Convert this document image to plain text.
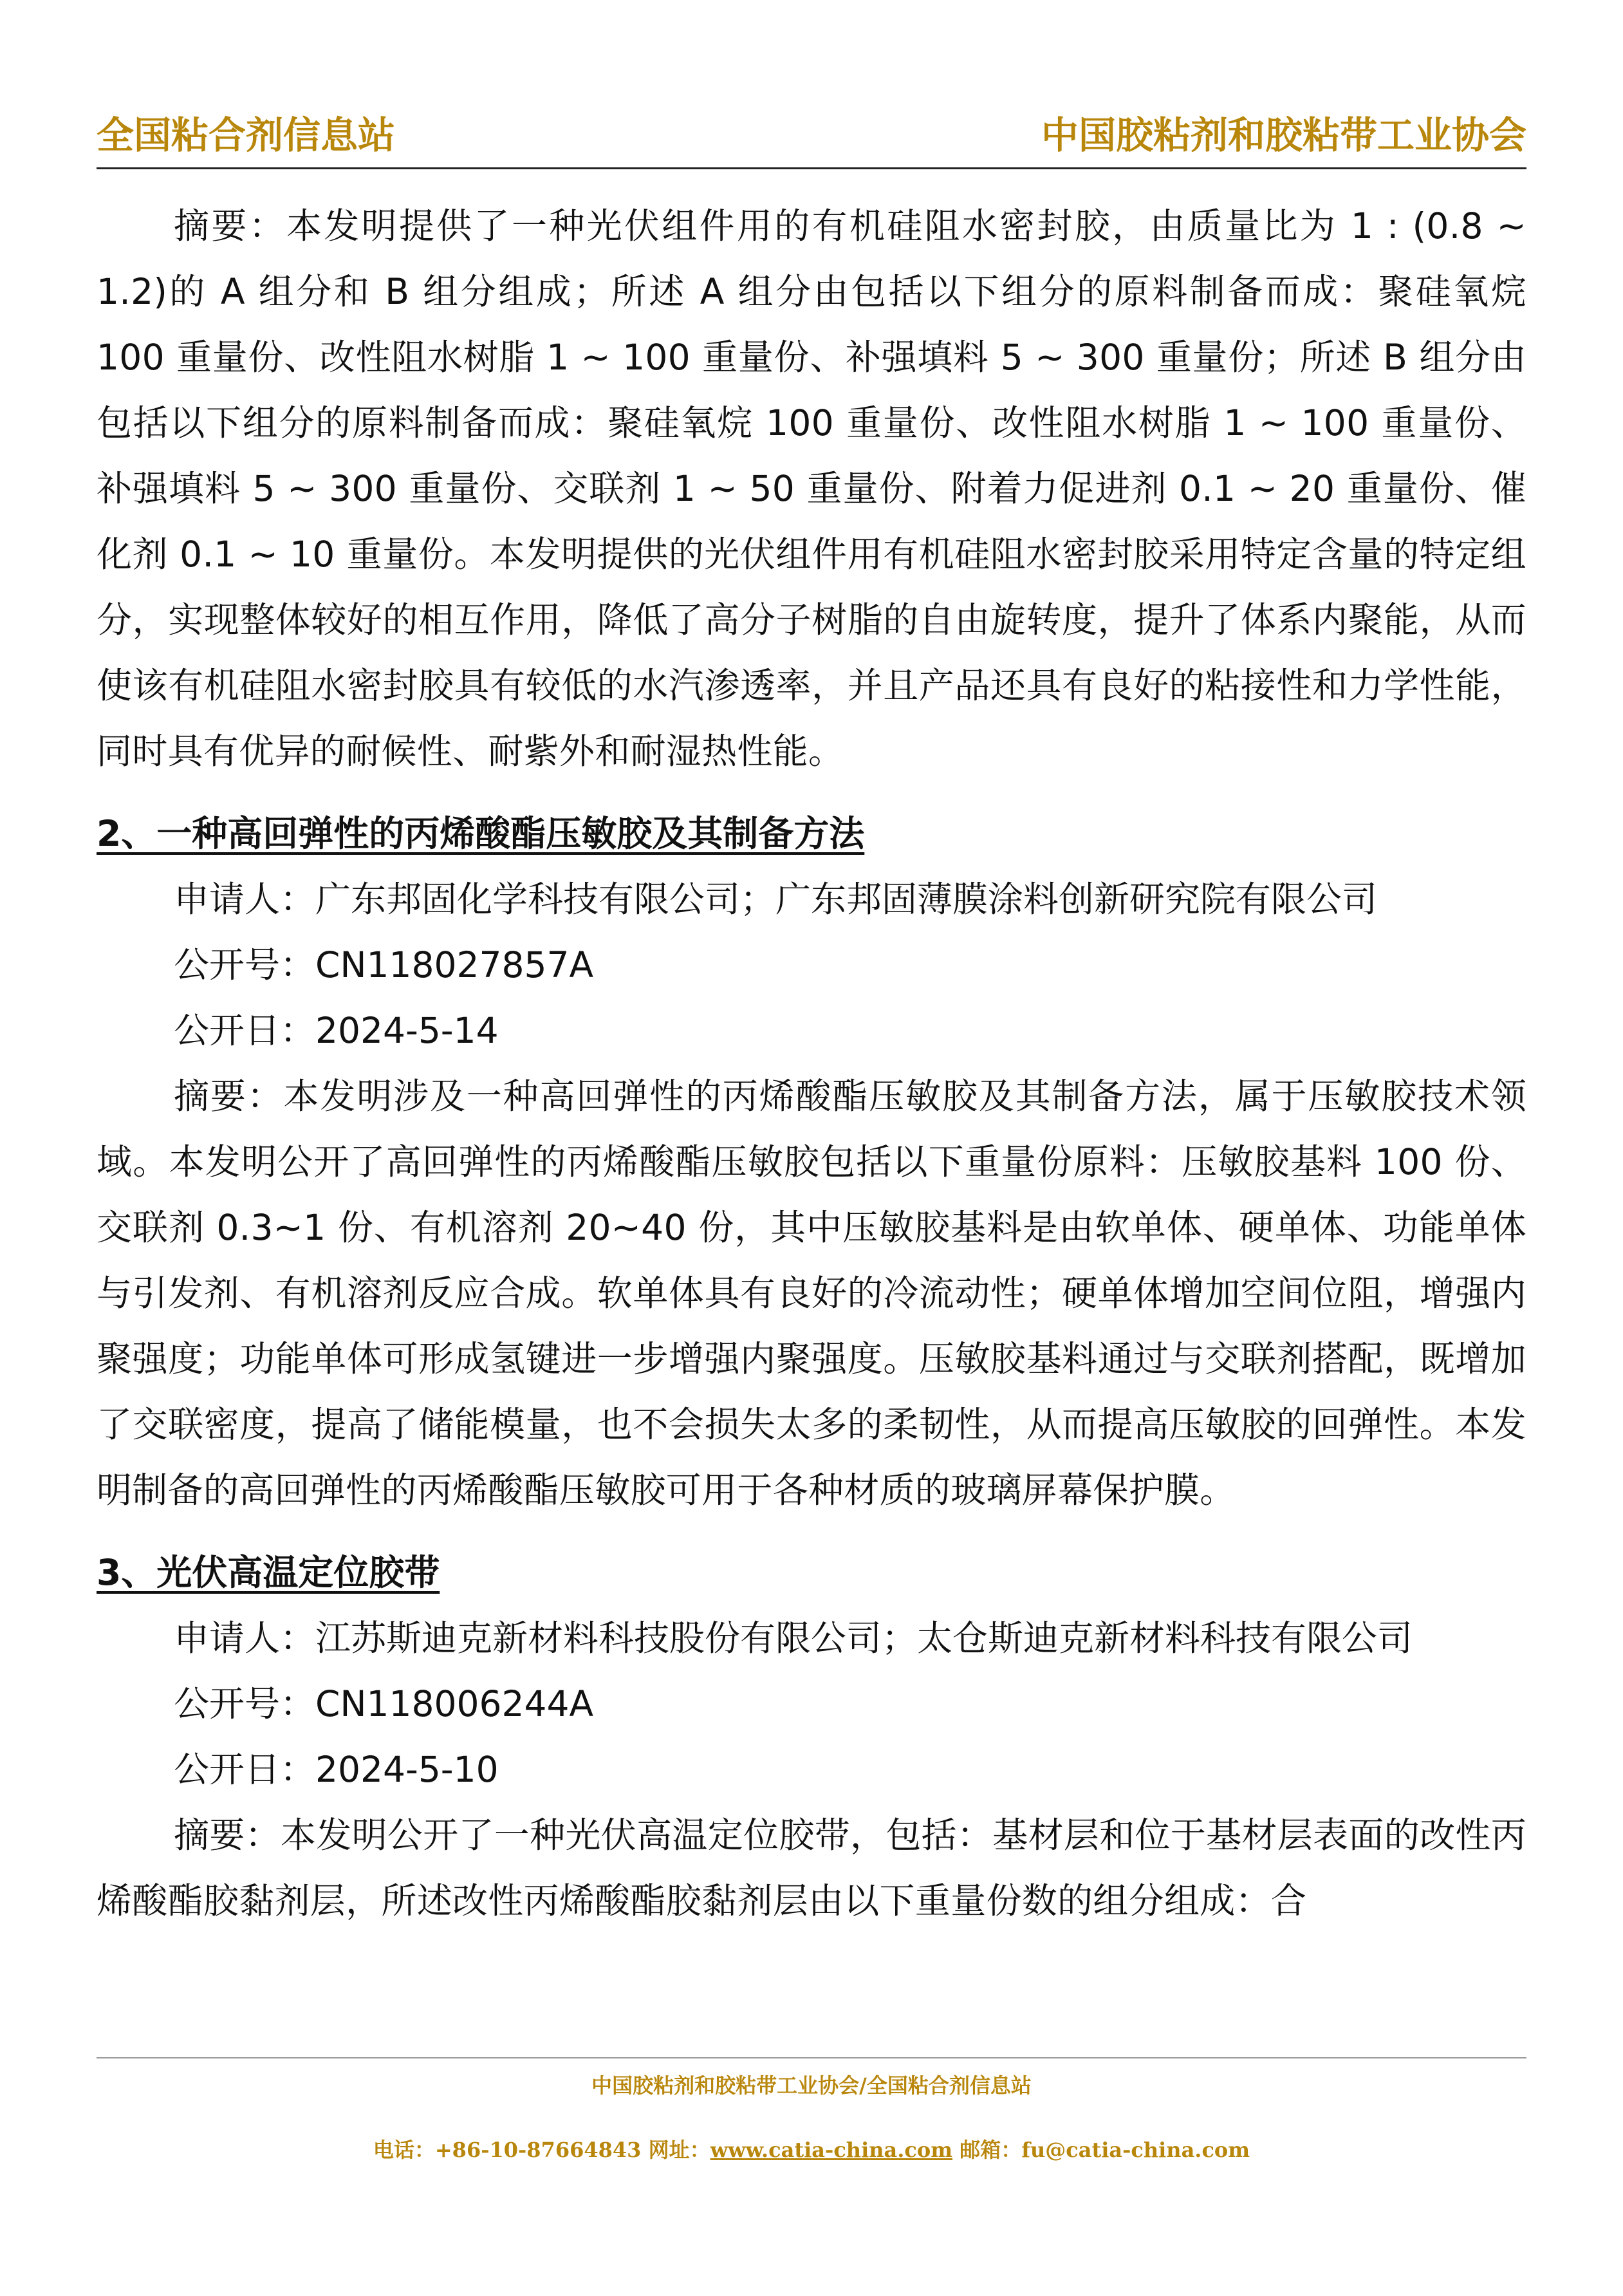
全国粘合剂信息站	中国胶粘剂和胶粘带工业协会

摘要：本发明提供了一种光伏组件用的有机硅阻水密封胶，由质量比为 1 : (0.8 ~ 1.2)的 A 组分和 B 组分组成；所述 A 组分由包括以下组分的原料制备而成：聚硅氧烷 100 重量份、改性阻水树脂 1 ~ 100 重量份、补强填料 5 ~ 300 重量份；所述 B 组分由包括以下组分的原料制备而成：聚硅氧烷 100 重量份、改性阻水树脂 1 ~ 100 重量份、补强填料 5 ~ 300 重量份、交联剂 1 ~ 50 重量份、附着力促进剂 0.1 ~ 20 重量份、催化剂 0.1 ~ 10 重量份。本发明提供的光伏组件用有机硅阻水密封胶采用特定含量的特定组分，实现整体较好的相互作用，降低了高分子树脂的自由旋转度，提升了体系内聚能，从而使该有机硅阻水密封胶具有较低的水汽渗透率，并且产品还具有良好的粘接性和力学性能，同时具有优异的耐候性、耐紫外和耐湿热性能。

2、一种高回弹性的丙烯酸酯压敏胶及其制备方法
申请人：广东邦固化学科技有限公司；广东邦固薄膜涂料创新研究院有限公司
公开号：CN118027857A
公开日：2024-5-14

摘要：本发明涉及一种高回弹性的丙烯酸酯压敏胶及其制备方法，属于压敏胶技术领域。本发明公开了高回弹性的丙烯酸酯压敏胶包括以下重量份原料：压敏胶基料 100 份、交联剂 0.3~1 份、有机溶剂 20~40 份，其中压敏胶基料是由软单体、硬单体、功能单体与引发剂、有机溶剂反应合成。软单体具有良好的冷流动性；硬单体增加空间位阻，增强内聚强度；功能单体可形成氢键进一步增强内聚强度。压敏胶基料通过与交联剂搭配，既增加了交联密度，提高了储能模量，也不会损失太多的柔韧性，从而提高压敏胶的回弹性。本发明制备的高回弹性的丙烯酸酯压敏胶可用于各种材质的玻璃屏幕保护膜。

3、光伏高温定位胶带
申请人：江苏斯迪克新材料科技股份有限公司；太仓斯迪克新材料科技有限公司
公开号：CN118006244A
公开日：2024-5-10

摘要：本发明公开了一种光伏高温定位胶带，包括：基材层和位于基材层表面的改性丙烯酸酯胶黏剂层，所述改性丙烯酸酯胶黏剂层由以下重量份数的组分组成：合

中国胶粘剂和胶粘带工业协会/全国粘合剂信息站
电话：+86-10-87664843 网址：www.catia-china.com 邮箱：fu@catia-china.com
